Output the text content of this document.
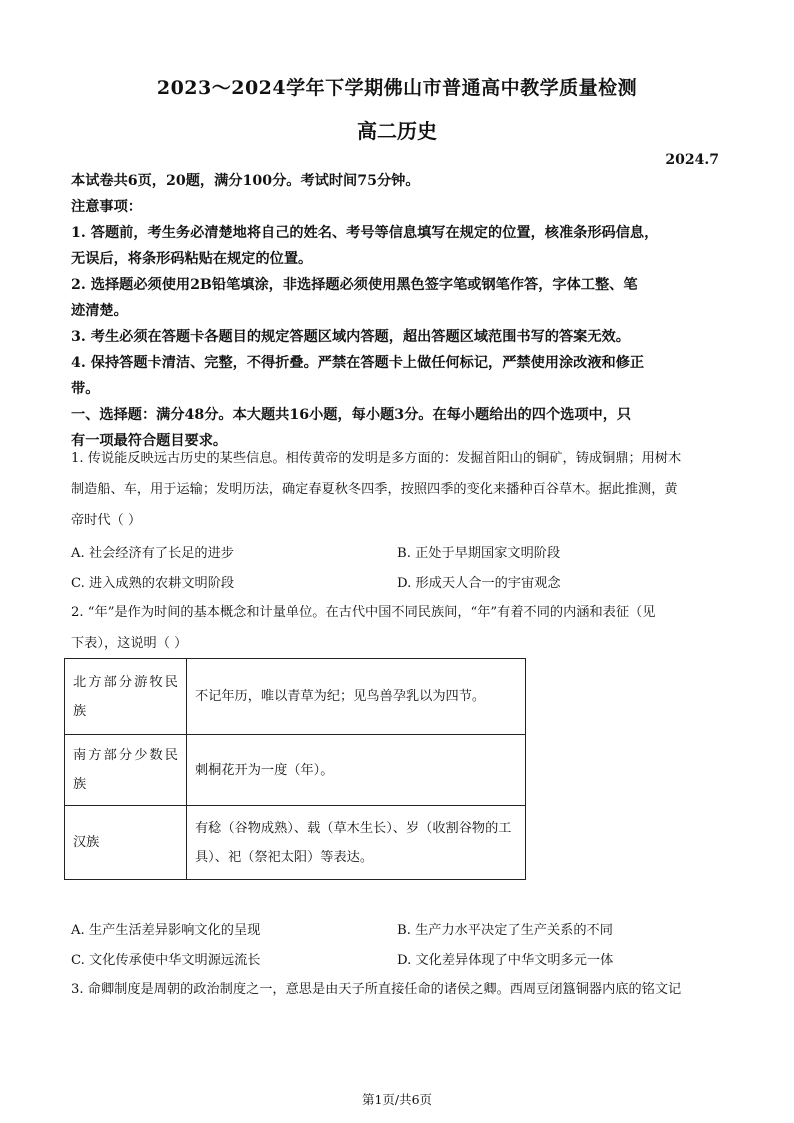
2023～2024学年下学期佛山市普通高中教学质量检测
高二历史
2024.7
本试卷共6页，20题，满分100分。考试时间75分钟。
注意事项：
1. 答题前，考生务必清楚地将自己的姓名、考号等信息填写在规定的位置，核准条形码信息，
无误后，将条形码粘贴在规定的位置。
2. 选择题必须使用2B铅笔填涂，非选择题必须使用黑色签字笔或钢笔作答，字体工整、笔
迹清楚。
3. 考生必须在答题卡各题目的规定答题区域内答题，超出答题区域范围书写的答案无效。
4. 保持答题卡清洁、完整，不得折叠。严禁在答题卡上做任何标记，严禁使用涂改液和修正
带。
一、选择题：满分48分。本大题共16小题，每小题3分。在每小题给出的四个选项中，只
有一项最符合题目要求。
1. 传说能反映远古历史的某些信息。相传黄帝的发明是多方面的：发掘首阳山的铜矿，铸成铜鼎；用树木
制造船、车，用于运输；发明历法，确定春夏秋冬四季，按照四季的变化来播种百谷草木。据此推测，黄
帝时代（ ）
A. 社会经济有了长足的进步	B. 正处于早期国家文明阶段
C. 进入成熟的农耕文明阶段	D. 形成天人合一的宇宙观念
2. “年”是作为时间的基本概念和计量单位。在古代中国不同民族间，“年”有着不同的内涵和表征（见
下表），这说明（ ）
北方部分游牧民族	不记年历，唯以青草为纪；见鸟兽孕乳以为四节。
南方部分少数民族	刺桐花开为一度（年）。
汉族	有稔（谷物成熟）、载（草木生长）、岁（收割谷物的工具）、祀（祭祀太阳）等表达。
A. 生产生活差异影响文化的呈现	B. 生产力水平决定了生产关系的不同
C. 文化传承使中华文明源远流长	D. 文化差异体现了中华文明多元一体
3. 命卿制度是周朝的政治制度之一，意思是由天子所直接任命的诸侯之卿。西周豆闭簋铜器内底的铭文记
第1页/共6页
